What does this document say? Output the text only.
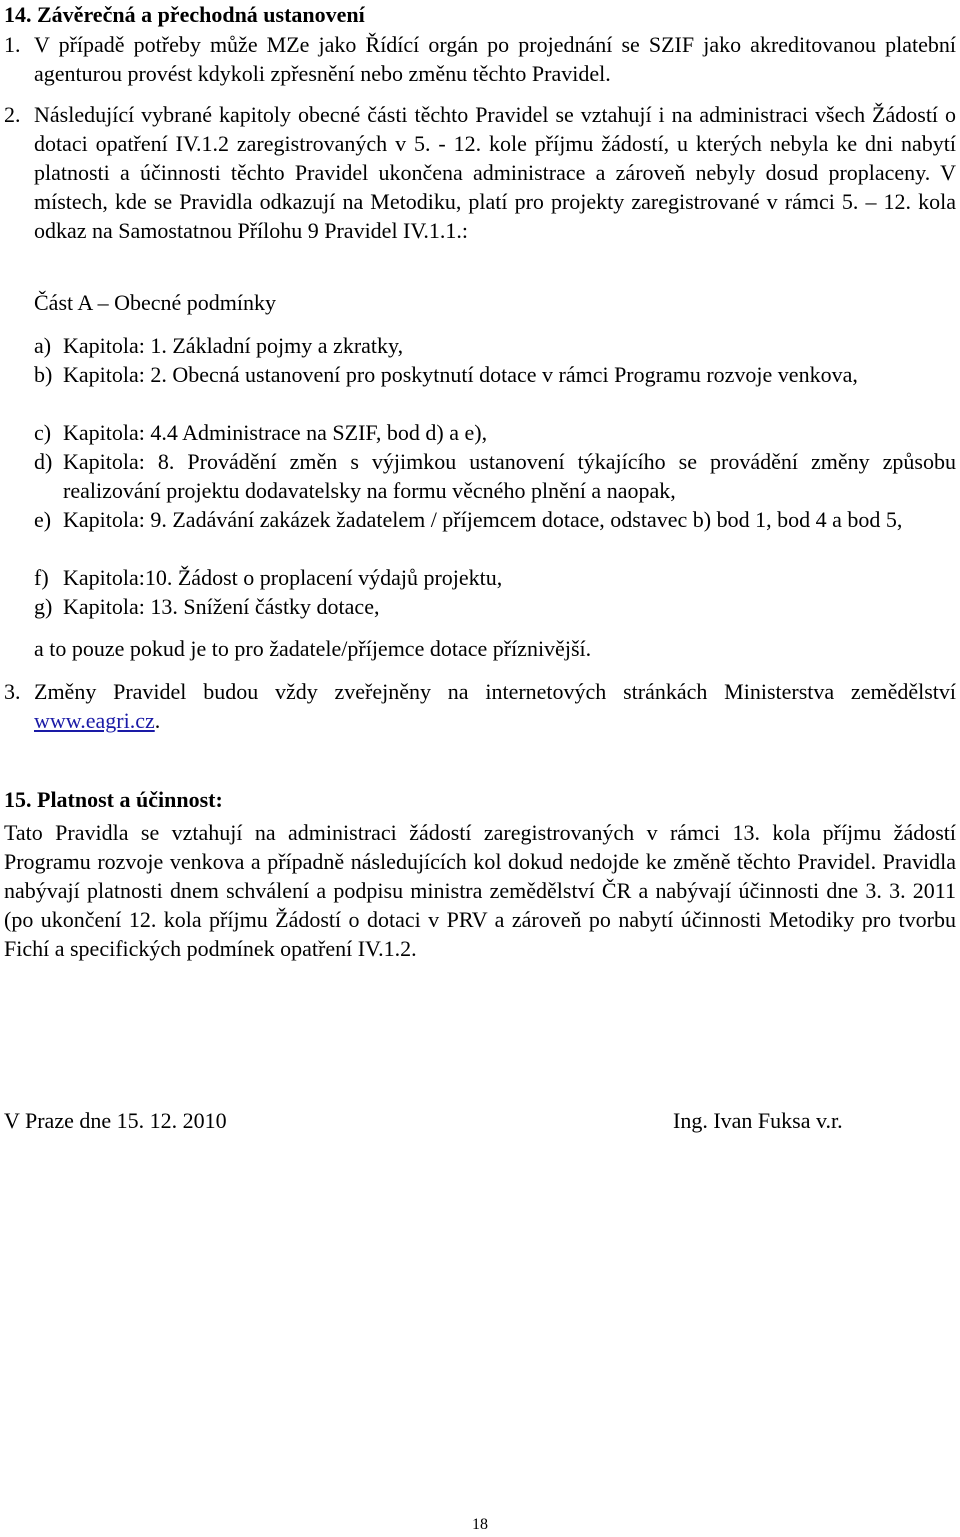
14. Závěrečná a přechodná ustanovení
1. V případě potřeby může MZe jako Řídící orgán po projednání se SZIF jako akreditovanou platební agenturou provést kdykoli zpřesnění nebo změnu těchto Pravidel.
2. Následující vybrané kapitoly obecné části těchto Pravidel se vztahují i na administraci všech Žádostí o dotaci opatření IV.1.2 zaregistrovaných v 5. - 12. kole příjmu žádostí, u kterých nebyla ke dni nabytí platnosti a účinnosti těchto Pravidel ukončena administrace a zároveň nebyly dosud proplaceny. V místech, kde se Pravidla odkazují na Metodiku, platí pro projekty zaregistrované v rámci 5. – 12. kola odkaz na Samostatnou Přílohu 9 Pravidel IV.1.1.:
Část A – Obecné podmínky
a) Kapitola: 1. Základní pojmy a zkratky,
b) Kapitola: 2. Obecná ustanovení pro poskytnutí dotace v rámci Programu rozvoje venkova,
c) Kapitola: 4.4 Administrace na SZIF, bod d) a e),
d) Kapitola: 8. Provádění změn s výjimkou ustanovení týkajícího se provádění změny způsobu realizování projektu dodavatelsky na formu věcného plnění a naopak,
e) Kapitola: 9. Zadávání zakázek žadatelem / příjemcem dotace, odstavec b) bod 1, bod 4 a bod 5,
f) Kapitola:10. Žádost o proplacení výdajů projektu,
g) Kapitola: 13. Snížení částky dotace,
a to pouze pokud je to pro žadatele/příjemce dotace příznivější.
3. Změny Pravidel budou vždy zveřejněny na internetových stránkách Ministerstva zemědělství www.eagri.cz.
15. Platnost a účinnost:
Tato Pravidla se vztahují na administraci žádostí zaregistrovaných v rámci 13. kola příjmu žádostí Programu rozvoje venkova a případně následujících kol dokud nedojde ke změně těchto Pravidel. Pravidla nabývají platnosti dnem schválení a podpisu ministra zemědělství ČR a nabývají účinnosti dne 3. 3. 2011 (po ukončení 12. kola příjmu Žádostí o dotaci v PRV a zároveň po nabytí účinnosti Metodiky pro tvorbu Fichí a specifických podmínek opatření IV.1.2.
V Praze dne 15. 12. 2010	Ing. Ivan Fuksa v.r.
18
